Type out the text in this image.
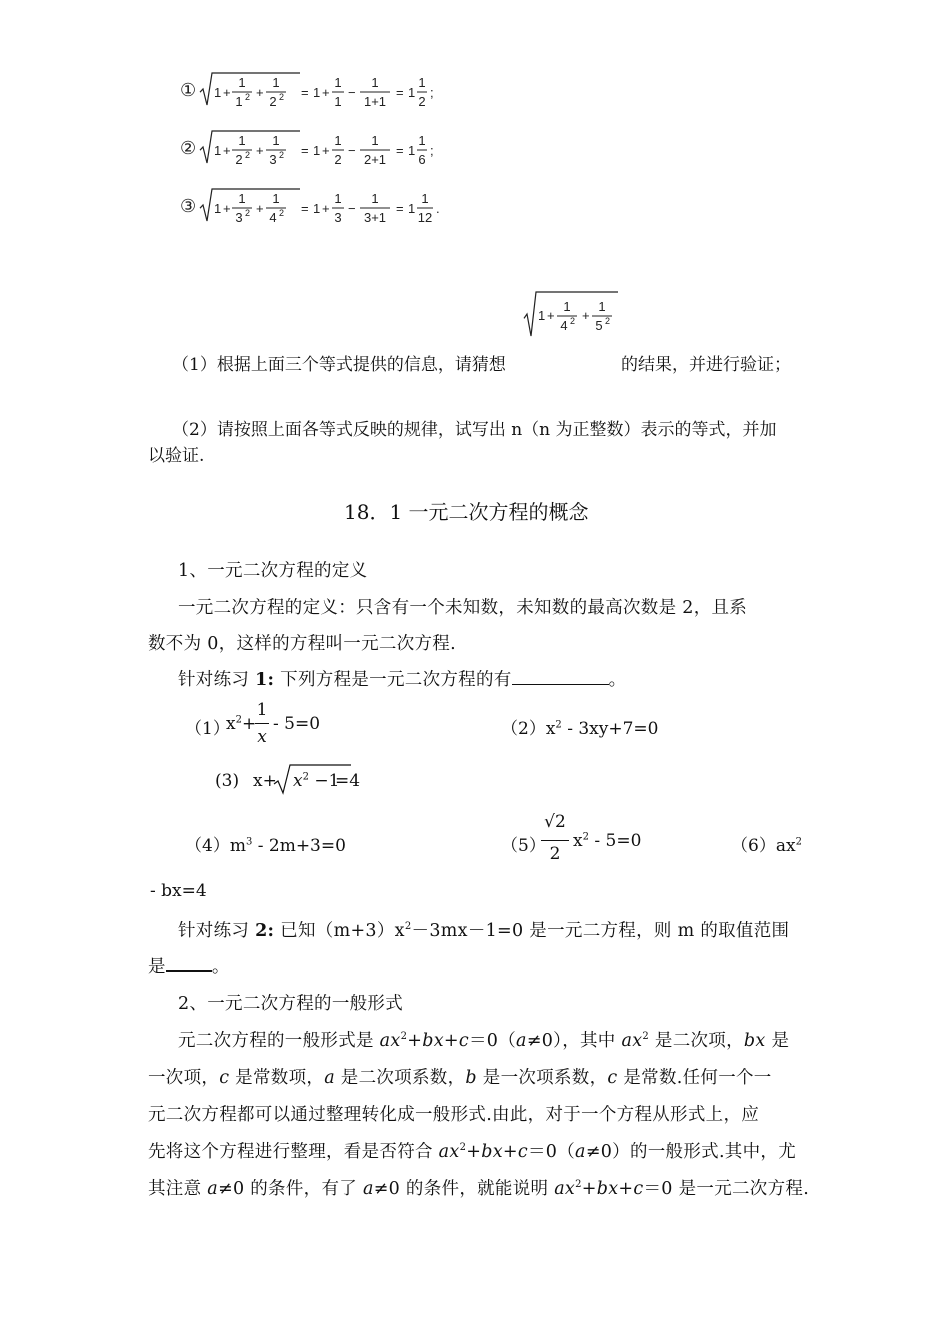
① 1 +
1
1 2 +
1
2 2 = 1 +
1
1
−
1
1+1
= 1
1
2
;
② 1 +
1
2 2 +
1
3 2 = 1 +
1
2
−
1
2+1
= 1
1
6
;
③ 1 +
1
3 2 +
1
4 2 = 1 +
1
3
−
1
3+1
= 1
1
12
.
1 +
1
4 2 +
1
5 2
（1）根据上面三个等式提供的信息，请猜想	的结果，并进行验证；
（2）请按照上面各等式反映的规律，试写出 n（n 为正整数）表示的等式，并加
以验证.
18．1 一元二次方程的概念
1、一元二次方程的定义
一元二次方程的定义：只含有一个未知数，未知数的最高次数是 2，且系
数不为 0，这样的方程叫一元二次方程.
针对练习 1: 下列方程是一元二次方程的有	。
（1）
$x^2+$
1
x
- 5=0	$(2)x^2 - 3xy+7=0$
(3) $x+ x^2 -1$
=4
$(4)m^3 - 2m+3=0$	（5）
√2
2
$x^2 - 5=0$	$(6)ax^2$
- bx=4
针对练习 2: 已知$(m+3)x^2-3mx-1=0$ 是一元二方程，则 m 的取值范围
是	。
2、一元二次方程的一般形式
元二次方程的一般形式是 $ax^2+bx+c=0(a\ne 0)$，其中 $ax^2$ 是二次项，bx 是
一次项，c 是常数项，a 是二次项系数，b 是一次项系数，c 是常数.任何一个一
元二次方程都可以通过整理转化成一般形式.由此，对于一个方程从形式上，应
先将这个方程进行整理，看是否符合 $ax^2+bx+c=0(a\ne 0)$的一般形式.其中，尤
其注意 a≠0 的条件，有了 a≠0 的条件，就能说明 $ax^2+bx+c=0$ 是一元二次方程.
